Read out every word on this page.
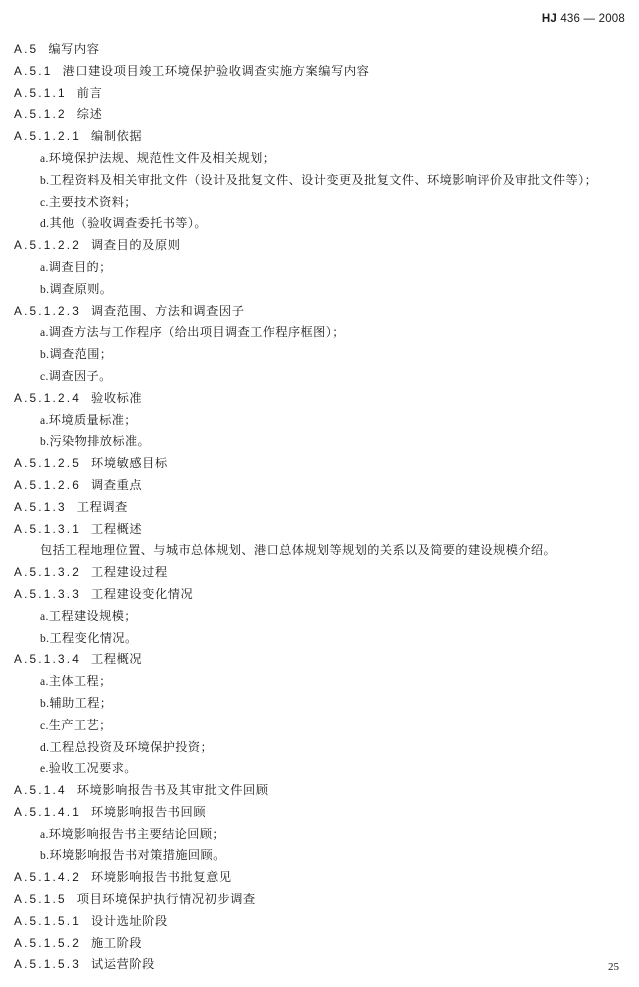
HJ 436 — 2008
A.5 编写内容
A.5.1 港口建设项目竣工环境保护验收调查实施方案编写内容
A.5.1.1 前言
A.5.1.2 综述
A.5.1.2.1 编制依据
a.环境保护法规、规范性文件及相关规划；
b.工程资料及相关审批文件（设计及批复文件、设计变更及批复文件、环境影响评价及审批文件等）；
c.主要技术资料；
d.其他（验收调查委托书等）。
A.5.1.2.2 调查目的及原则
a.调查目的；
b.调查原则。
A.5.1.2.3 调查范围、方法和调查因子
a.调查方法与工作程序（给出项目调查工作程序框图）；
b.调查范围；
c.调查因子。
A.5.1.2.4 验收标准
a.环境质量标准；
b.污染物排放标准。
A.5.1.2.5 环境敏感目标
A.5.1.2.6 调查重点
A.5.1.3 工程调查
A.5.1.3.1 工程概述
包括工程地理位置、与城市总体规划、港口总体规划等规划的关系以及简要的建设规模介绍。
A.5.1.3.2 工程建设过程
A.5.1.3.3 工程建设变化情况
a.工程建设规模；
b.工程变化情况。
A.5.1.3.4 工程概况
a.主体工程；
b.辅助工程；
c.生产工艺；
d.工程总投资及环境保护投资；
e.验收工况要求。
A.5.1.4 环境影响报告书及其审批文件回顾
A.5.1.4.1 环境影响报告书回顾
a.环境影响报告书主要结论回顾；
b.环境影响报告书对策措施回顾。
A.5.1.4.2 环境影响报告书批复意见
A.5.1.5 项目环境保护执行情况初步调查
A.5.1.5.1 设计选址阶段
A.5.1.5.2 施工阶段
A.5.1.5.3 试运营阶段	25
